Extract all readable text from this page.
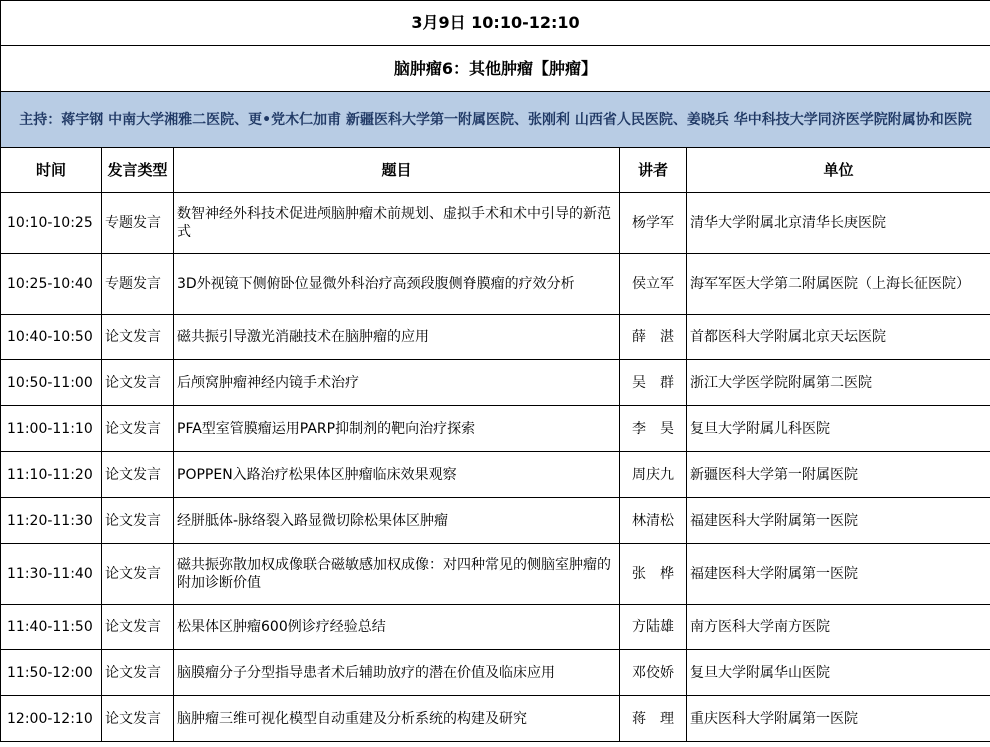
3月9日 10:10-12:10				
脑肿瘤6：其他肿瘤【肿瘤】				
主持：蒋宇钢 中南大学湘雅二医院、更•党木仁加甫 新疆医科大学第一附属医院、张刚利 山西省人民医院、姜晓兵 华中科技大学同济医学院附属协和医院				
时间	发言类型	题目	讲者	单位
10:10-10:25	专题发言	数智神经外科技术促进颅脑肿瘤术前规划、虚拟手术和术中引导的新范式	杨学军	清华大学附属北京清华长庚医院
10:25-10:40	专题发言	3D外视镜下侧俯卧位显微外科治疗高颈段腹侧脊膜瘤的疗效分析	侯立军	海军军医大学第二附属医院（上海长征医院）
10:40-10:50	论文发言	磁共振引导激光消融技术在脑肿瘤的应用	薛　湛	首都医科大学附属北京天坛医院
10:50-11:00	论文发言	后颅窝肿瘤神经内镜手术治疗	吴　群	浙江大学医学院附属第二医院
11:00-11:10	论文发言	PFA型室管膜瘤运用PARP抑制剂的靶向治疗探索	李　昊	复旦大学附属儿科医院
11:10-11:20	论文发言	POPPEN入路治疗松果体区肿瘤临床效果观察	周庆九	新疆医科大学第一附属医院
11:20-11:30	论文发言	经胼胝体-脉络裂入路显微切除松果体区肿瘤	林清松	福建医科大学附属第一医院
11:30-11:40	论文发言	磁共振弥散加权成像联合磁敏感加权成像：对四种常见的侧脑室肿瘤的附加诊断价值	张　桦	福建医科大学附属第一医院
11:40-11:50	论文发言	松果体区肿瘤600例诊疗经验总结	方陆雄	南方医科大学南方医院
11:50-12:00	论文发言	脑膜瘤分子分型指导患者术后辅助放疗的潜在价值及临床应用	邓佼娇	复旦大学附属华山医院
12:00-12:10	论文发言	脑肿瘤三维可视化模型自动重建及分析系统的构建及研究	蒋　理	重庆医科大学附属第一医院
